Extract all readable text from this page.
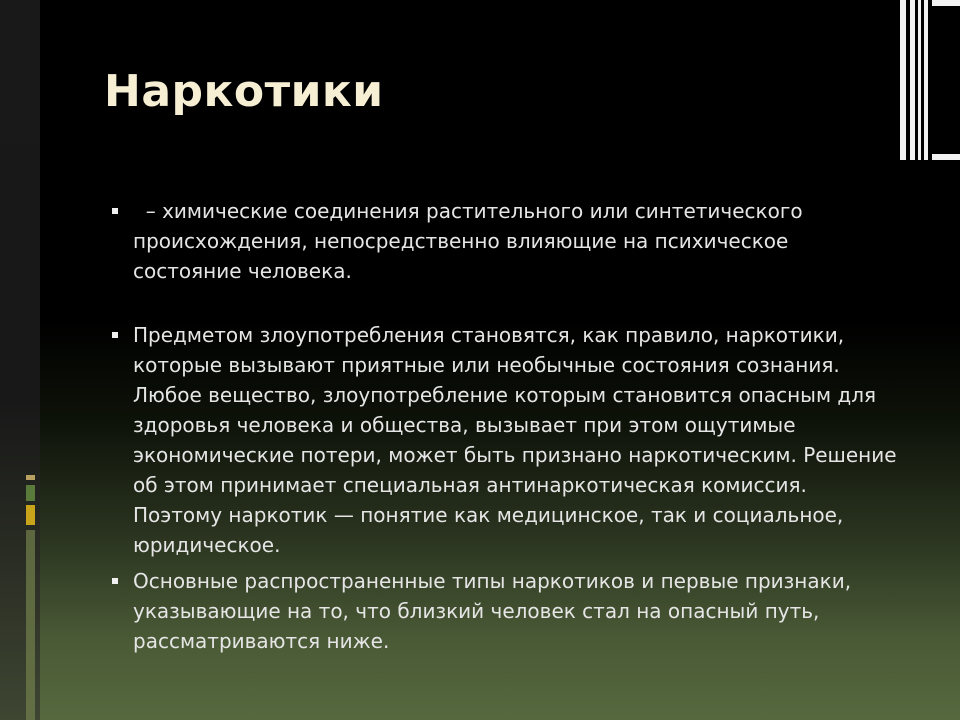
Наркотики
– химические соединения растительного или синтетического происхождения, непосредственно влияющие на психическое состояние человека.
Предметом злоупотребления становятся, как правило, наркотики, которые вызывают приятные или необычные состояния сознания. Любое вещество, злоупотребление которым становится опасным для здоровья человека и общества, вызывает при этом ощутимые экономические потери, может быть признано наркотическим. Решение об этом принимает специальная антинаркотическая комиссия.  Поэтому наркотик — понятие как медицинское, так и социальное, юридическое.
Основные распространенные типы наркотиков и первые признаки, указывающие на то, что близкий человек стал на опасный путь, рассматриваются ниже.
